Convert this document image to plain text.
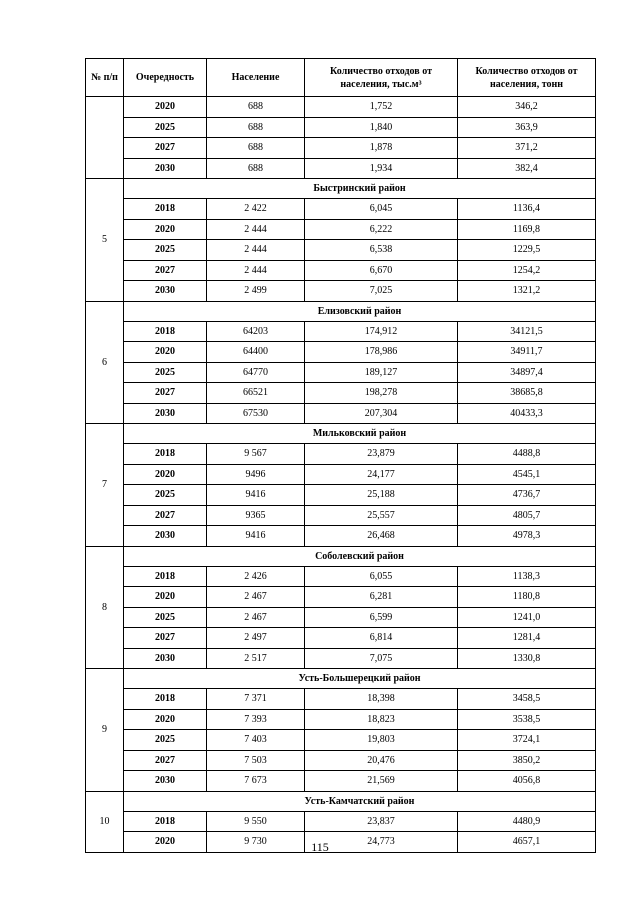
№ п/п	Очередность	Население	Количество отходов от населения, тыс.м³	Количество отходов от населения, тонн
	2020	688	1,752	346,2
	2025	688	1,840	363,9
	2027	688	1,878	371,2
	2030	688	1,934	382,4
5	Быстринский район			
	2018	2 422	6,045	1136,4
	2020	2 444	6,222	1169,8
	2025	2 444	6,538	1229,5
	2027	2 444	6,670	1254,2
	2030	2 499	7,025	1321,2
6	Елизовский район			
	2018	64203	174,912	34121,5
	2020	64400	178,986	34911,7
	2025	64770	189,127	34897,4
	2027	66521	198,278	38685,8
	2030	67530	207,304	40433,3
7	Мильковский район			
	2018	9 567	23,879	4488,8
	2020	9496	24,177	4545,1
	2025	9416	25,188	4736,7
	2027	9365	25,557	4805,7
	2030	9416	26,468	4978,3
8	Соболевский район			
	2018	2 426	6,055	1138,3
	2020	2 467	6,281	1180,8
	2025	2 467	6,599	1241,0
	2027	2 497	6,814	1281,4
	2030	2 517	7,075	1330,8
9	Усть-Большерецкий район			
	2018	7 371	18,398	3458,5
	2020	7 393	18,823	3538,5
	2025	7 403	19,803	3724,1
	2027	7 503	20,476	3850,2
	2030	7 673	21,569	4056,8
10	Усть-Камчатский район			
	2018	9 550	23,837	4480,9
	2020	9 730	24,773	4657,1
115
